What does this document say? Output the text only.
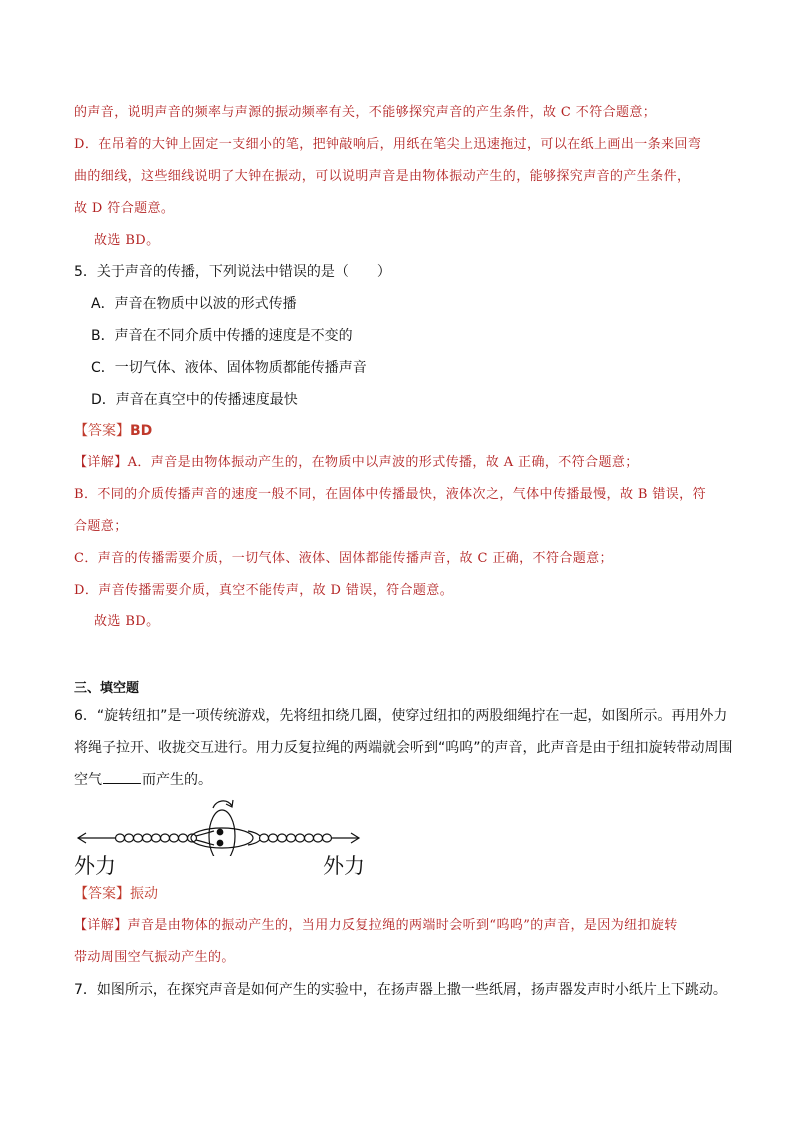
的声音，说明声音的频率与声源的振动频率有关，不能够探究声音的产生条件，故 C 不符合题意；
D．在吊着的大钟上固定一支细小的笔，把钟敲响后，用纸在笔尖上迅速拖过，可以在纸上画出一条来回弯
曲的细线，这些细线说明了大钟在振动，可以说明声音是由物体振动产生的，能够探究声音的产生条件，
故 D 符合题意。
故选 BD。
5．关于声音的传播，下列说法中错误的是（　　）
A．声音在物质中以波的形式传播
B．声音在不同介质中传播的速度是不变的
C．一切气体、液体、固体物质都能传播声音
D．声音在真空中的传播速度最快
【答案】BD
【详解】A．声音是由物体振动产生的，在物质中以声波的形式传播，故 A 正确，不符合题意；
B．不同的介质传播声音的速度一般不同，在固体中传播最快，液体次之，气体中传播最慢，故 B 错误，符
合题意；
C．声音的传播需要介质，一切气体、液体、固体都能传播声音，故 C 正确，不符合题意；
D．声音传播需要介质，真空不能传声，故 D 错误，符合题意。
故选 BD。
三、填空题
6．“旋转纽扣”是一项传统游戏，先将纽扣绕几圈，使穿过纽扣的两股细绳拧在一起，如图所示。再用外力
将绳子拉开、收拢交互进行。用力反复拉绳的两端就会听到“呜呜”的声音，此声音是由于纽扣旋转带动周围
空气	而产生的。
外力	外力
【答案】振动
【详解】声音是由物体的振动产生的，当用力反复拉绳的两端时会听到“呜呜”的声音，是因为纽扣旋转
带动周围空气振动产生的。
7．如图所示，在探究声音是如何产生的实验中，在扬声器上撒一些纸屑，扬声器发声时小纸片上下跳动。
